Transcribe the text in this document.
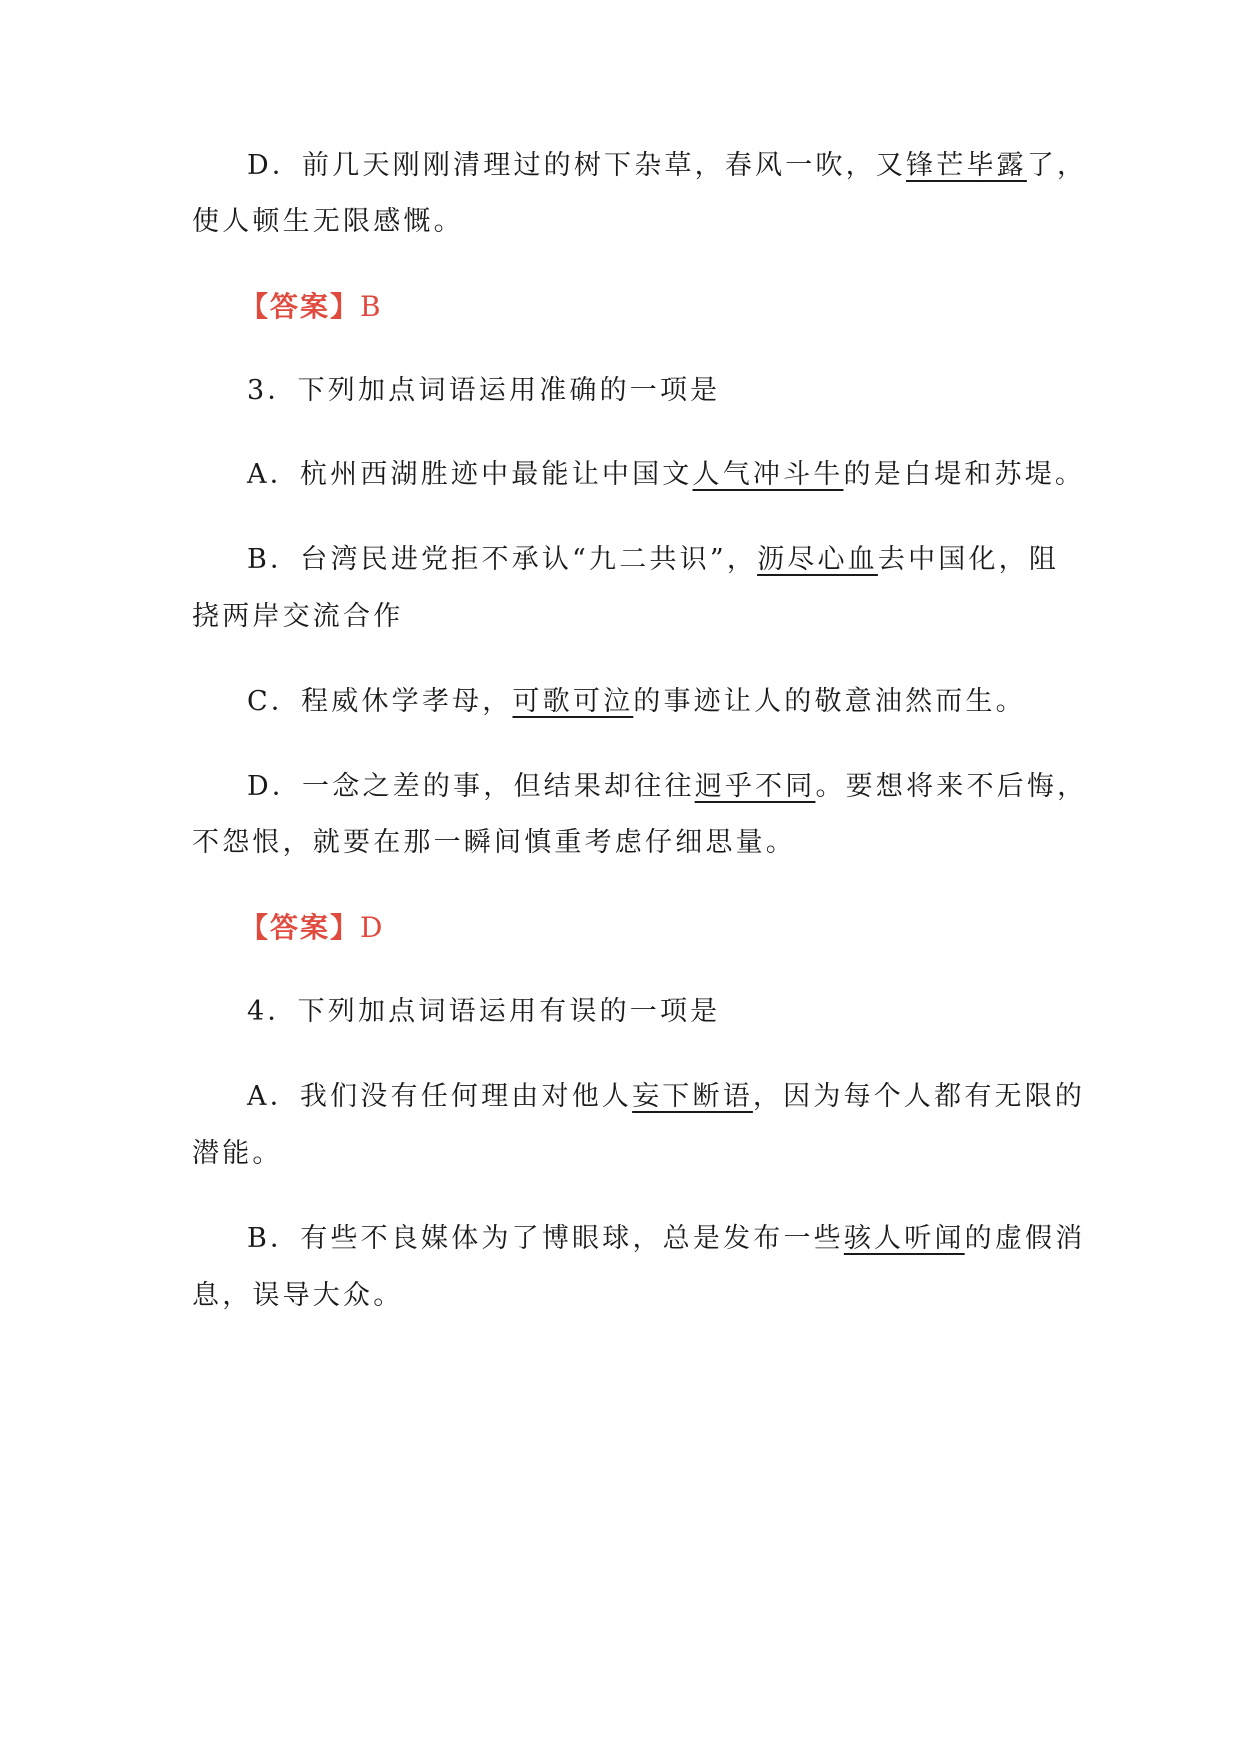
D．前几天刚刚清理过的树下杂草，春风一吹，又锋芒毕露了，
使人顿生无限感慨。
【答案】B
3．下列加点词语运用准确的一项是
A．杭州西湖胜迹中最能让中国文人气冲斗牛的是白堤和苏堤。
B．台湾民进党拒不承认“九二共识”，沥尽心血去中国化，阻
挠两岸交流合作
C．程威休学孝母，可歌可泣的事迹让人的敬意油然而生。
D．一念之差的事，但结果却往往迥乎不同。要想将来不后悔，
不怨恨，就要在那一瞬间慎重考虑仔细思量。
【答案】D
4．下列加点词语运用有误的一项是
A．我们没有任何理由对他人妄下断语，因为每个人都有无限的
潜能。
B．有些不良媒体为了博眼球，总是发布一些骇人听闻的虚假消
息，误导大众。
